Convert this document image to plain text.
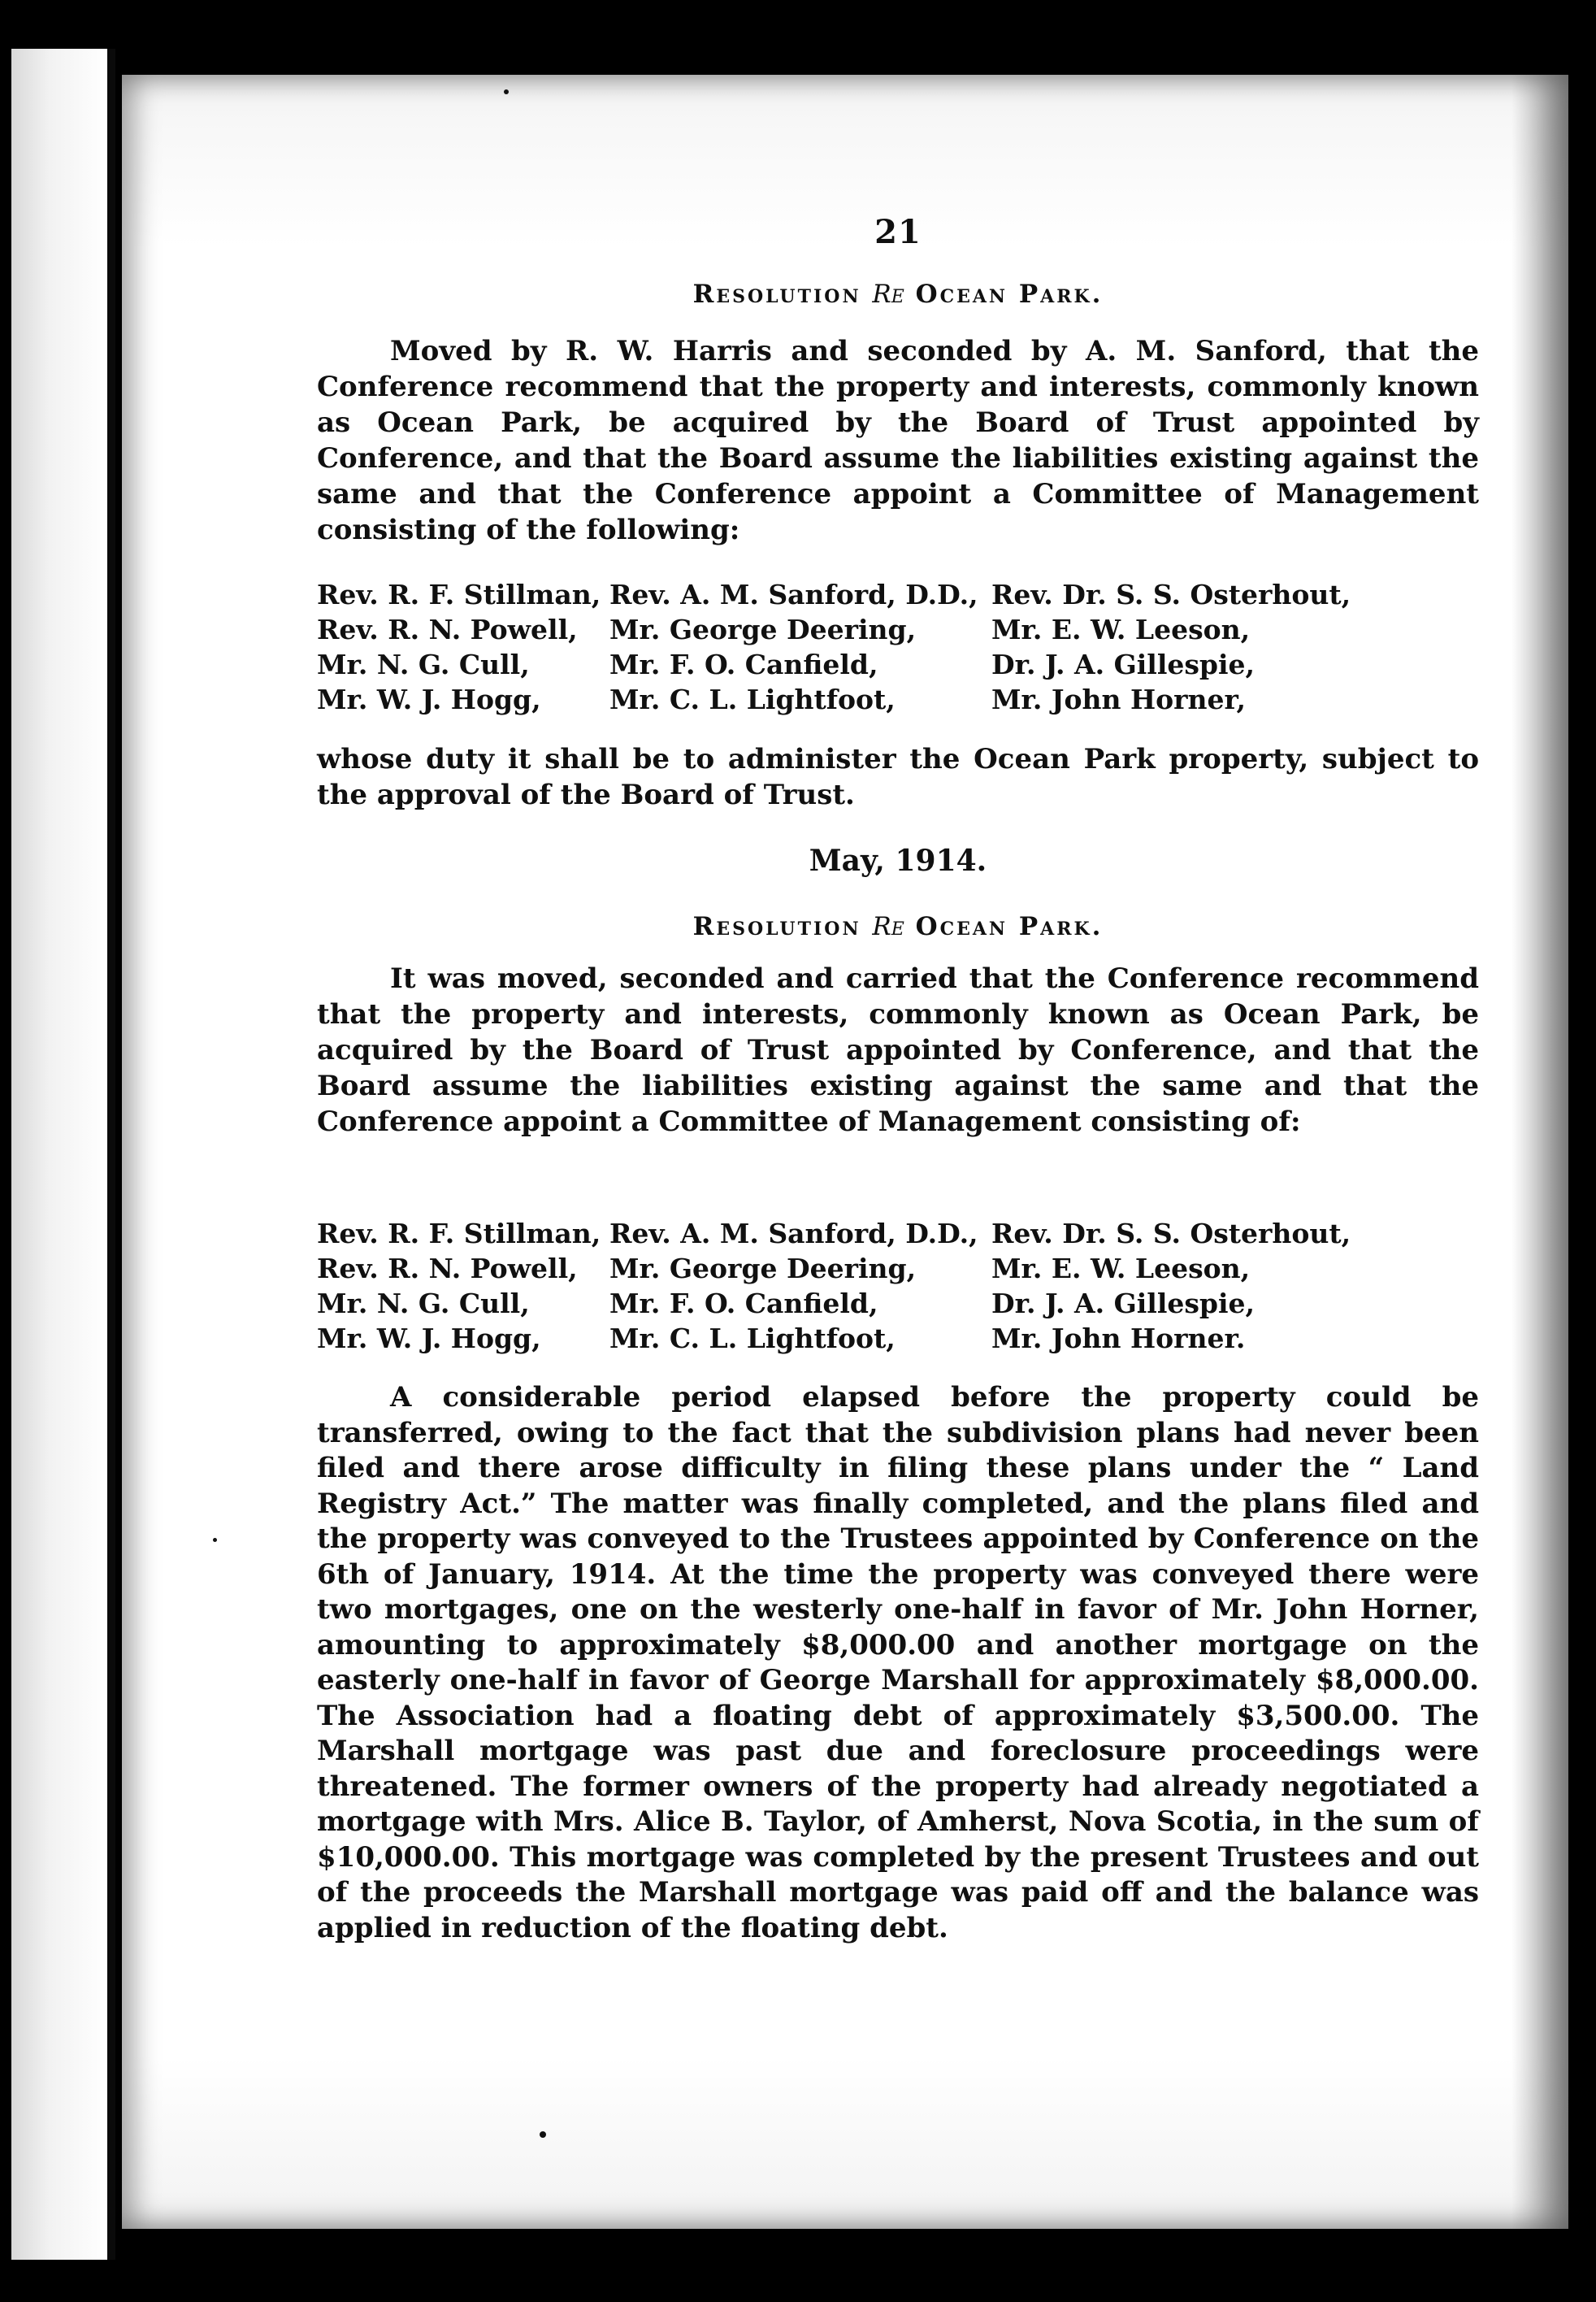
21
Resolution Re Ocean Park.
Moved by R. W. Harris and seconded by A. M. Sanford, that the Conference recommend that the property and interests, commonly known as Ocean Park, be acquired by the Board of Trust appointed by Conference, and that the Board assume the liabilities existing against the same and that the Conference appoint a Committee of Management consisting of the following:
Rev. R. F. Stillman, Rev. A. M. Sanford, D.D., Rev. Dr. S. S. Osterhout,
Rev. R. N. Powell,	Mr. George Deering,	Mr. E. W. Leeson,
Mr. N. G. Cull,	Mr. F. O. Canfield,	Dr. J. A. Gillespie,
Mr. W. J. Hogg,	Mr. C. L. Lightfoot,	Mr. John Horner,
whose duty it shall be to administer the Ocean Park property, subject to the approval of the Board of Trust.
May, 1914.
Resolution Re Ocean Park.
It was moved, seconded and carried that the Conference recommend that the property and interests, commonly known as Ocean Park, be acquired by the Board of Trust appointed by Conference, and that the Board assume the liabilities existing against the same and that the Conference appoint a Committee of Management consisting of:
Rev. R. F. Stillman, Rev. A. M. Sanford, D.D., Rev. Dr. S. S. Osterhout,
Rev. R. N. Powell,	Mr. George Deering,	Mr. E. W. Leeson,
Mr. N. G. Cull,	Mr. F. O. Canfield,	Dr. J. A. Gillespie,
Mr. W. J. Hogg,	Mr. C. L. Lightfoot,	Mr. John Horner.
A considerable period elapsed before the property could be transferred, owing to the fact that the subdivision plans had never been filed and there arose difficulty in filing these plans under the “ Land Registry Act.” The matter was finally completed, and the plans filed and the property was conveyed to the Trustees appointed by Conference on the 6th of January, 1914. At the time the property was conveyed there were two mortgages, one on the westerly one-half in favor of Mr. John Horner, amounting to approximately $8,000.00 and another mortgage on the easterly one-half in favor of George Marshall for approximately $8,000.00. The Association had a floating debt of approximately $3,500.00. The Marshall mortgage was past due and foreclosure proceedings were threatened. The former owners of the property had already negotiated a mortgage with Mrs. Alice B. Taylor, of Amherst, Nova Scotia, in the sum of $10,000.00. This mortgage was completed by the present Trustees and out of the proceeds the Marshall mortgage was paid off and the balance was applied in reduction of the floating debt.
